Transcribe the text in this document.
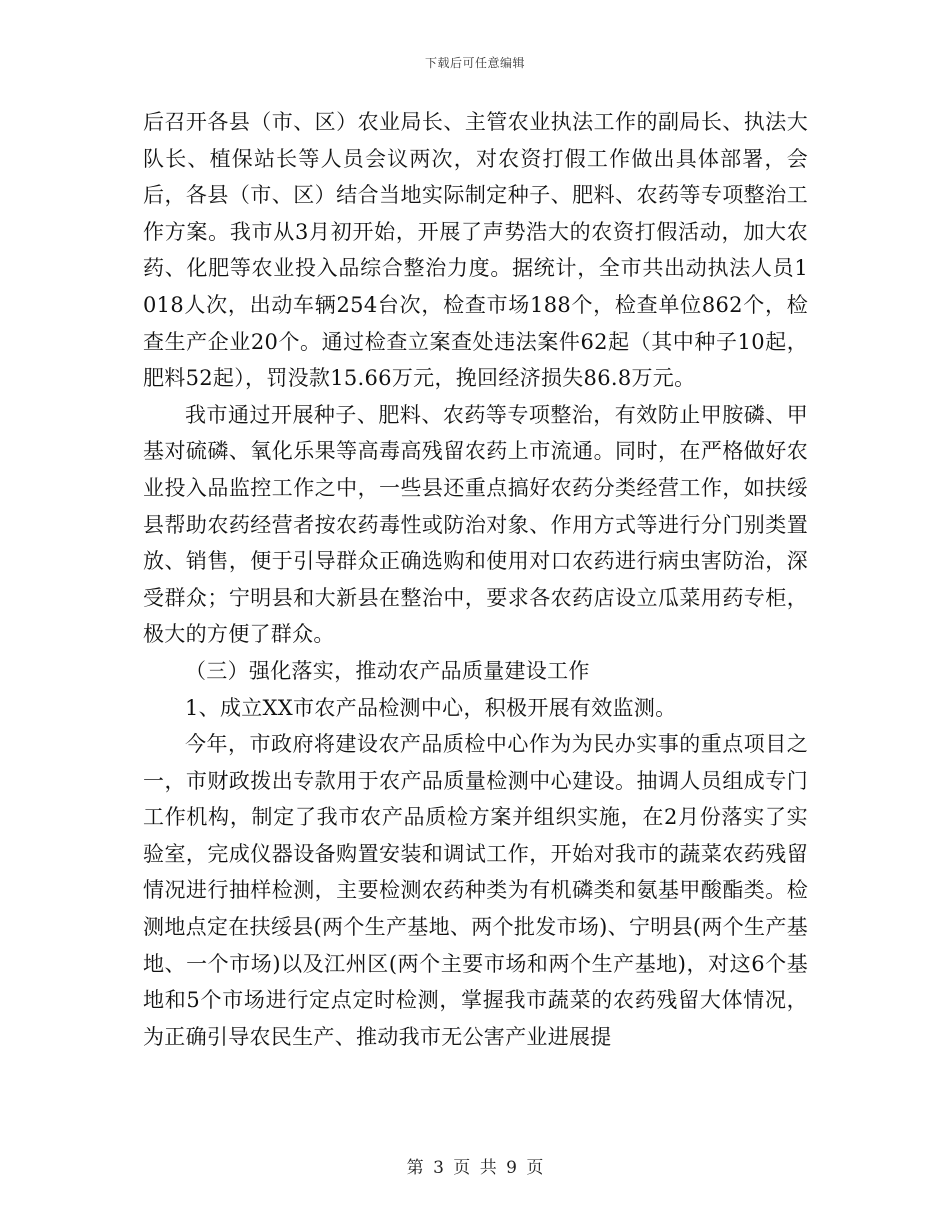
下载后可任意编辑

后召开各县（市、区）农业局长、主管农业执法工作的副局长、执法大队长、植保站长等人员会议两次，对农资打假工作做出具体部署，会后，各县（市、区）结合当地实际制定种子、肥料、农药等专项整治工作方案。我市从3月初开始，开展了声势浩大的农资打假活动，加大农药、化肥等农业投入品综合整治力度。据统计，全市共出动执法人员1018人次，出动车辆254台次，检查市场188个，检查单位862个，检查生产企业20个。通过检查立案查处违法案件62起（其中种子10起，肥料52起），罚没款15.66万元，挽回经济损失86.8万元。

我市通过开展种子、肥料、农药等专项整治，有效防止甲胺磷、甲基对硫磷、氧化乐果等高毒高残留农药上市流通。同时，在严格做好农业投入品监控工作之中，一些县还重点搞好农药分类经营工作，如扶绥县帮助农药经营者按农药毒性或防治对象、作用方式等进行分门别类置放、销售，便于引导群众正确选购和使用对口农药进行病虫害防治，深受群众；宁明县和大新县在整治中，要求各农药店设立瓜菜用药专柜，极大的方便了群众。

（三）强化落实，推动农产品质量建设工作

1、成立XX市农产品检测中心，积极开展有效监测。

今年，市政府将建设农产品质检中心作为为民办实事的重点项目之一，市财政拨出专款用于农产品质量检测中心建设。抽调人员组成专门工作机构，制定了我市农产品质检方案并组织实施，在2月份落实了实验室，完成仪器设备购置安装和调试工作，开始对我市的蔬菜农药残留情况进行抽样检测，主要检测农药种类为有机磷类和氨基甲酸酯类。检测地点定在扶绥县(两个生产基地、两个批发市场)、宁明县(两个生产基地、一个市场)以及江州区(两个主要市场和两个生产基地)，对这6个基地和5个市场进行定点定时检测，掌握我市蔬菜的农药残留大体情况，为正确引导农民生产、推动我市无公害产业进展提

第 3 页 共 9 页
